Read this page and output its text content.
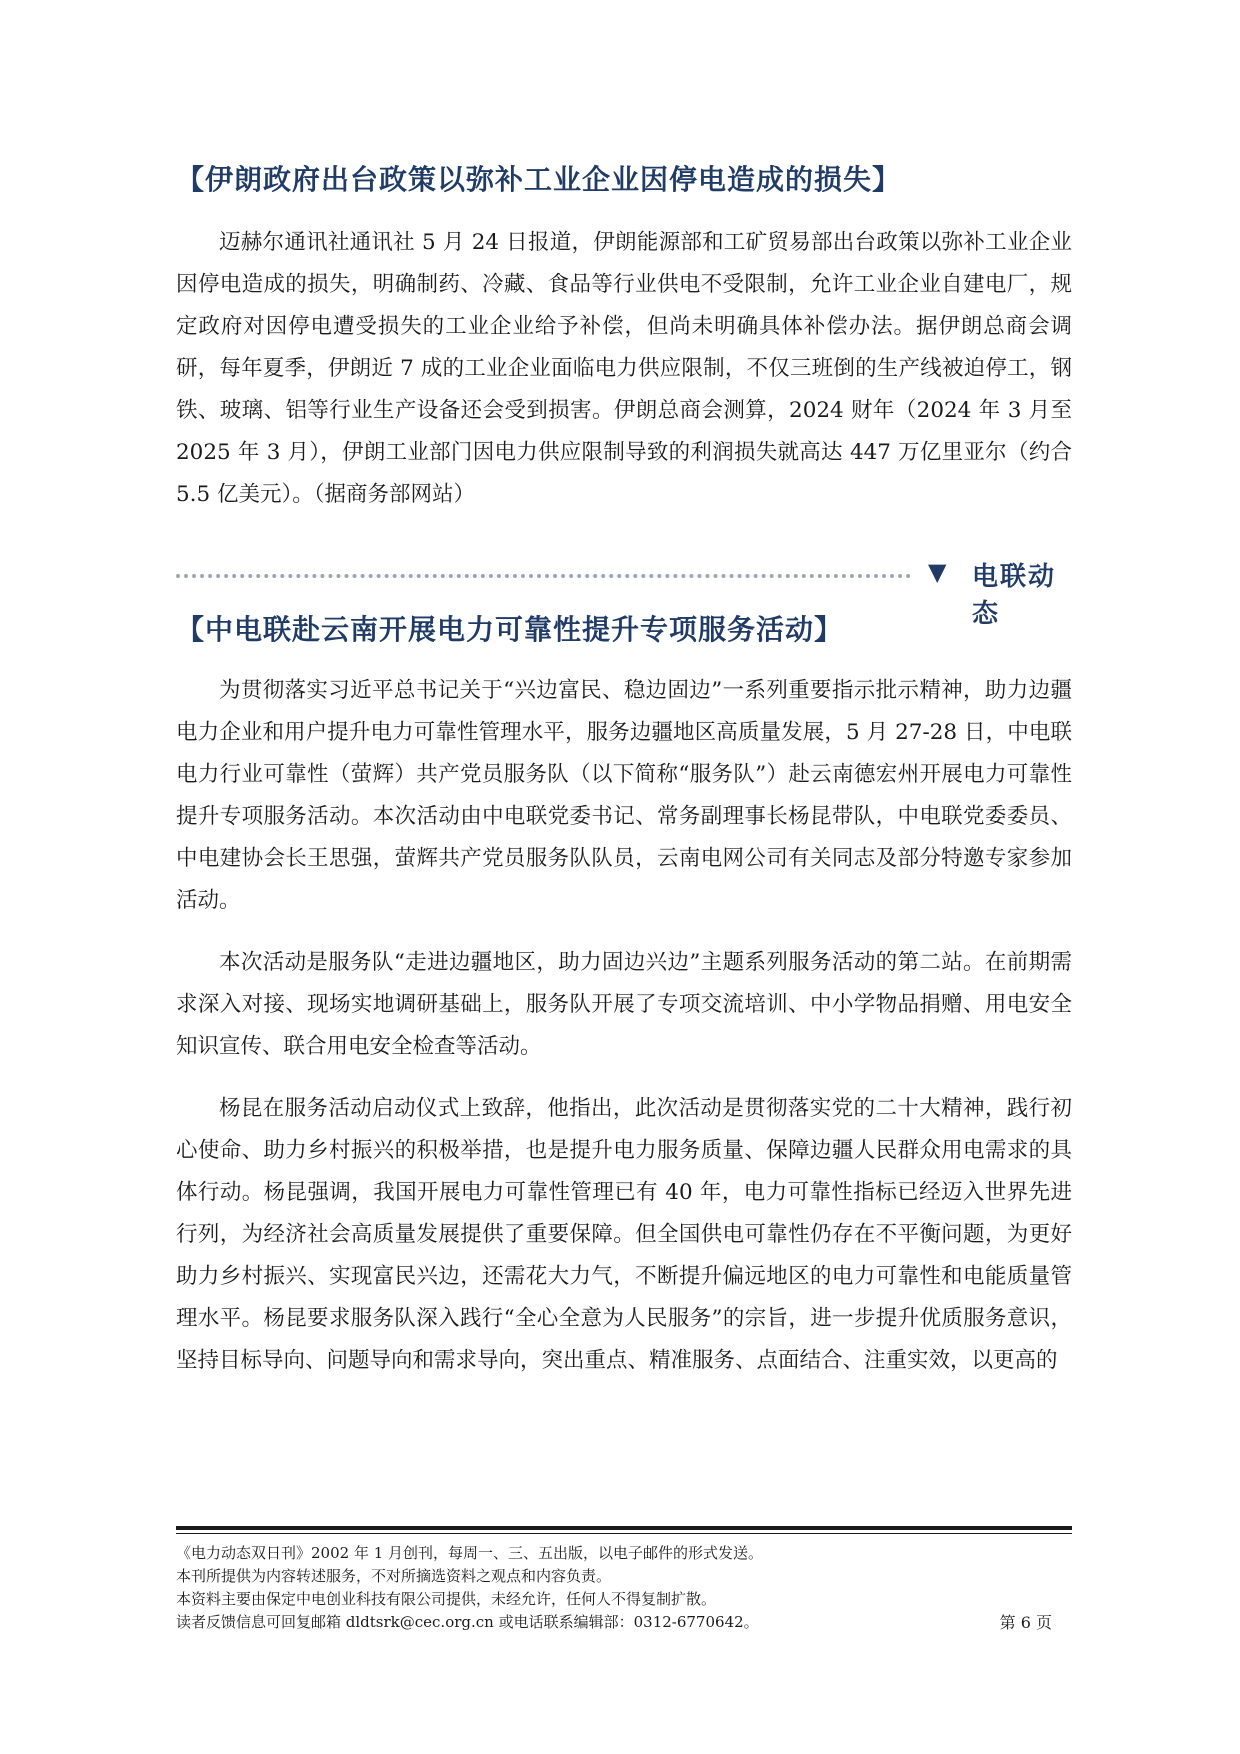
【伊朗政府出台政策以弥补工业企业因停电造成的损失】

迈赫尔通讯社通讯社 5 月 24 日报道，伊朗能源部和工矿贸易部出台政策以弥补工业企业因停电造成的损失，明确制药、冷藏、食品等行业供电不受限制，允许工业企业自建电厂，规定政府对因停电遭受损失的工业企业给予补偿，但尚未明确具体补偿办法。据伊朗总商会调研，每年夏季，伊朗近 7 成的工业企业面临电力供应限制，不仅三班倒的生产线被迫停工，钢铁、玻璃、铝等行业生产设备还会受到损害。伊朗总商会测算，2024 财年（2024 年 3 月至 2025 年 3 月），伊朗工业部门因电力供应限制导致的利润损失就高达 447 万亿里亚尔（约合 5.5 亿美元）。（据商务部网站）

▼ 电联动态
【中电联赴云南开展电力可靠性提升专项服务活动】

为贯彻落实习近平总书记关于“兴边富民、稳边固边”一系列重要指示批示精神，助力边疆电力企业和用户提升电力可靠性管理水平，服务边疆地区高质量发展，5 月 27-28 日，中电联电力行业可靠性（萤辉）共产党员服务队（以下简称“服务队”）赴云南德宏州开展电力可靠性提升专项服务活动。本次活动由中电联党委书记、常务副理事长杨昆带队，中电联党委委员、中电建协会长王思强，萤辉共产党员服务队队员，云南电网公司有关同志及部分特邀专家参加活动。

本次活动是服务队“走进边疆地区，助力固边兴边”主题系列服务活动的第二站。在前期需求深入对接、现场实地调研基础上，服务队开展了专项交流培训、中小学物品捐赠、用电安全知识宣传、联合用电安全检查等活动。

杨昆在服务活动启动仪式上致辞，他指出，此次活动是贯彻落实党的二十大精神，践行初心使命、助力乡村振兴的积极举措，也是提升电力服务质量、保障边疆人民群众用电需求的具体行动。杨昆强调，我国开展电力可靠性管理已有 40 年，电力可靠性指标已经迈入世界先进行列，为经济社会高质量发展提供了重要保障。但全国供电可靠性仍存在不平衡问题，为更好助力乡村振兴、实现富民兴边，还需花大力气，不断提升偏远地区的电力可靠性和电能质量管理水平。杨昆要求服务队深入践行“全心全意为人民服务”的宗旨，进一步提升优质服务意识，坚持目标导向、问题导向和需求导向，突出重点、精准服务、点面结合、注重实效，以更高的

《电力动态双日刊》2002 年 1 月创刊，每周一、三、五出版，以电子邮件的形式发送。
本刊所提供为内容转述服务，不对所摘选资料之观点和内容负责。
本资料主要由保定中电创业科技有限公司提供，未经允许，任何人不得复制扩散。
读者反馈信息可回复邮箱 dldtsrk@cec.org.cn 或电话联系编辑部：0312-6770642。	第 6 页
